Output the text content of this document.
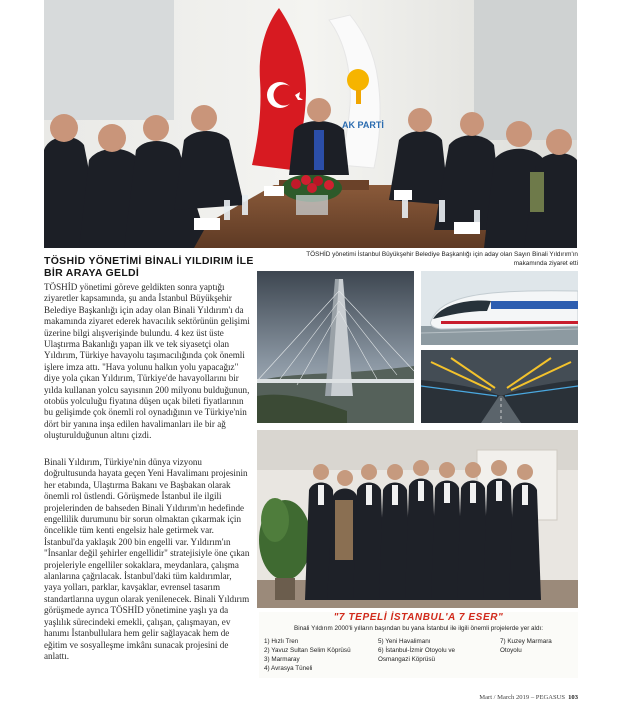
AK PARTİ
TÖSHİD yönetimi İstanbul Büyükşehir Belediye Başkanlığı için aday olan Sayın Binali Yıldırım'ın makamında ziyaret etti
TÖSHİD YÖNETİMİ BİNALİ YILDIRIM İLE BİR ARAYA GELDİ

TÖSHİD yönetimi göreve geldikten sonra yaptığı ziyaretler kapsamında, şu anda İstanbul Büyükşehir Belediye Başkanlığı için aday olan Binali Yıldırım'ı da makamında ziyaret ederek havacılık sektörünün gelişimi üzerine bilgi alışverişinde bulundu. 4 kez üst üste Ulaştırma Bakanlığı yapan ilk ve tek siyasetçi olan Yıldırım, Türkiye havayolu taşımacılığında çok önemli işlere imza attı. "Hava yolunu halkın yolu yapacağız" diye yola çıkan Yıldırım, Türkiye'de havayollarını bir yılda kullanan yolcu sayısının 200 milyonu bulduğunun, otobüs yolculuğu fiyatına düşen uçak bileti fiyatlarının bu gelişimde çok önemli rol oynadığının ve Türkiye'nin dört bir yanına inşa edilen havalimanları ile bir ağ oluşturulduğunun altını çizdi.

Binali Yıldırım, Türkiye'nin dünya vizyonu doğrultusunda hayata geçen Yeni Havalimanı projesinin her etabında, Ulaştırma Bakanı ve Başbakan olarak önemli rol üstlendi. Görüşmede İstanbul ile ilgili projelerinden de bahseden Binali Yıldırım'ın hedefinde engellilik durumunu bir sorun olmaktan çıkarmak için öncelikle tüm kenti engelsiz hale getirmek var. İstanbul'da yaklaşık 200 bin engelli var. Yıldırım'ın "İnsanlar değil şehirler engellidir" stratejisiyle öne çıkan projeleriyle engelliler sokaklara, meydanlara, çalışma alanlarına çağrılacak. İstanbul'daki tüm kaldırımlar, yaya yolları, parklar, kavşaklar, evrensel tasarım standartlarına uygun olarak yenilenecek. Binali Yıldırım görüşmede ayrıca TÖSHİD yönetimine yaşlı ya da yaşlılık sürecindeki emekli, çalışan, çalışmayan, ev hanımı İstanbullulara hem gelir sağlayacak hem de eğitim ve sosyalleşme imkânı sunacak projesini de anlattı.

"7 TEPELİ İSTANBUL'A 7 ESER"
Binali Yıldırım 2000'li yılların başından bu yana İstanbul ile ilgili önemli projelerde yer aldı:
1) Hızlı Tren
2) Yavuz Sultan Selim Köprüsü
3) Marmaray
4) Avrasya Tüneli
5) Yeni Havalimanı
6) İstanbul-İzmir Otoyolu ve
Osmangazi Köprüsü
7) Kuzey Marmara
Otoyolu
Mart / March 2019 – PEGASUS 103
